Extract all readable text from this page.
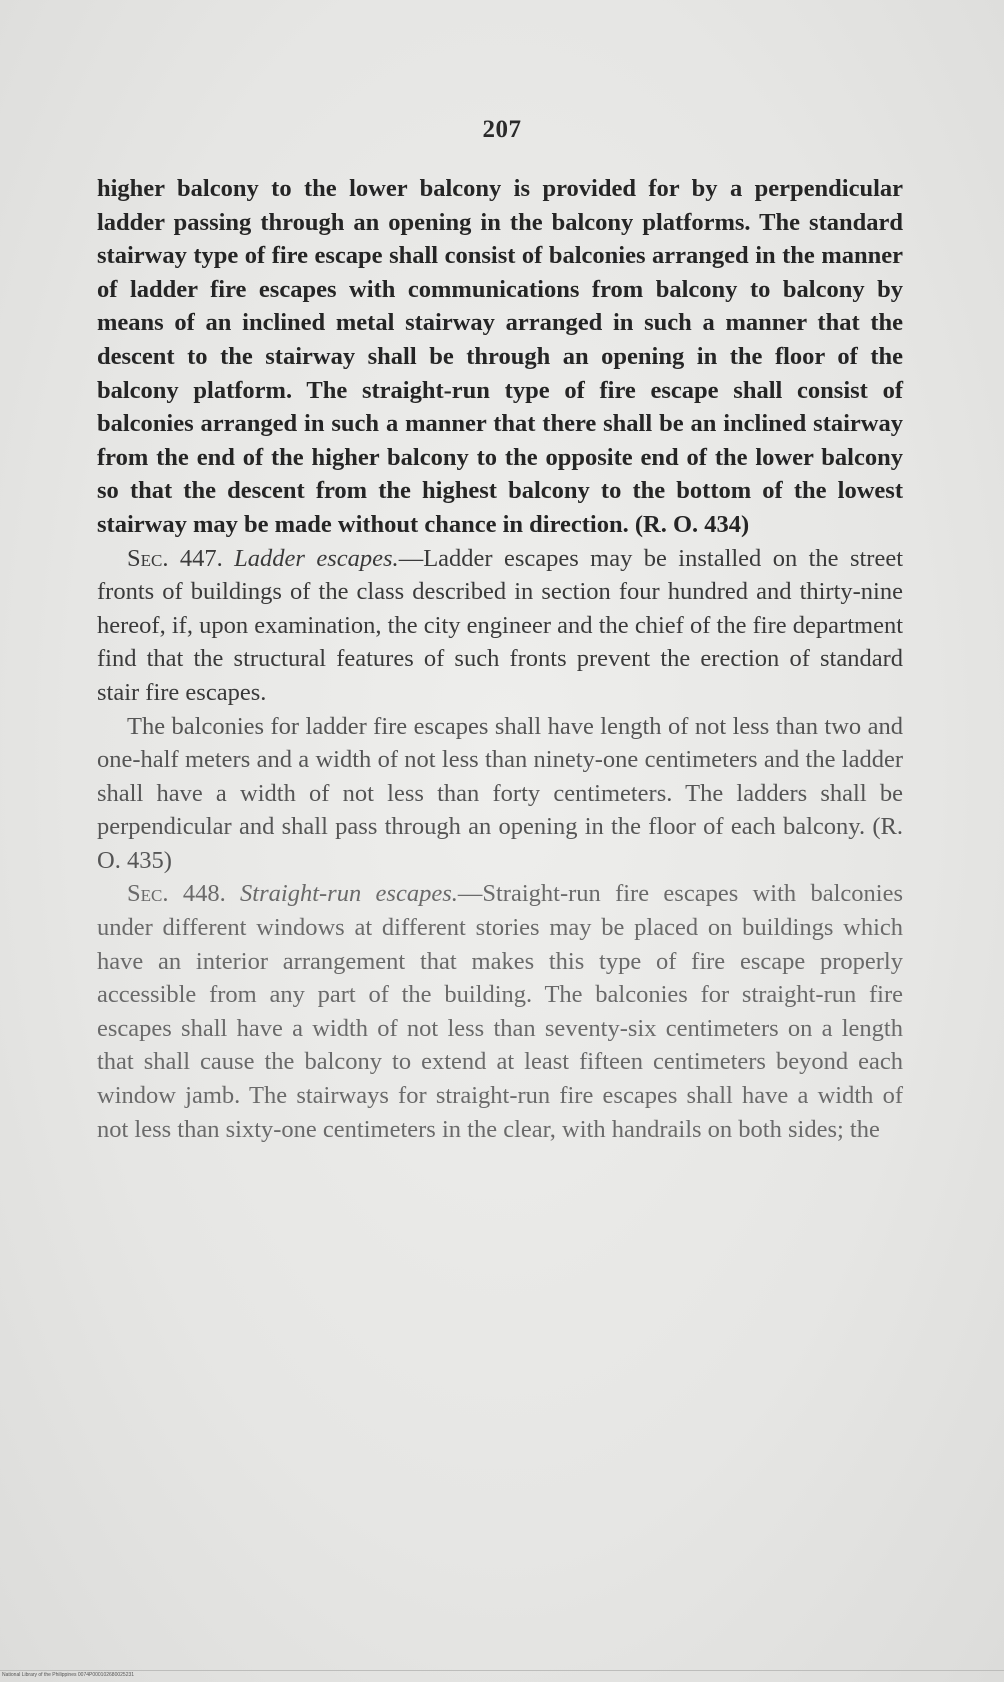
207

higher balcony to the lower balcony is provided for by a perpendicular ladder passing through an opening in the balcony platforms. The standard stairway type of fire escape shall consist of balconies arranged in the manner of ladder fire escapes with communications from balcony to balcony by means of an inclined metal stairway arranged in such a manner that the descent to the stairway shall be through an opening in the floor of the balcony platform. The straight-run type of fire escape shall consist of balconies arranged in such a manner that there shall be an inclined stairway from the end of the higher balcony to the opposite end of the lower balcony so that the descent from the highest balcony to the bottom of the lowest stairway may be made without chance in direction. (R. O. 434)

Sec. 447. Ladder escapes.—Ladder escapes may be installed on the street fronts of buildings of the class described in section four hundred and thirty-nine hereof, if, upon examination, the city engineer and the chief of the fire department find that the structural features of such fronts prevent the erection of standard stair fire escapes.

The balconies for ladder fire escapes shall have length of not less than two and one-half meters and a width of not less than ninety-one centimeters and the ladder shall have a width of not less than forty centimeters. The ladders shall be perpendicular and shall pass through an opening in the floor of each balcony. (R. O. 435)

Sec. 448. Straight-run escapes.—Straight-run fire escapes with balconies under different windows at different stories may be placed on buildings which have an interior arrangement that makes this type of fire escape properly accessible from any part of the building. The balconies for straight-run fire escapes shall have a width of not less than seventy-six centimeters on a length that shall cause the balcony to extend at least fifteen centimeters beyond each window jamb. The stairways for straight-run fire escapes shall have a width of not less than sixty-one centimeters in the clear, with handrails on both sides; the

National Library of the Philippines 0074P000102680025231
